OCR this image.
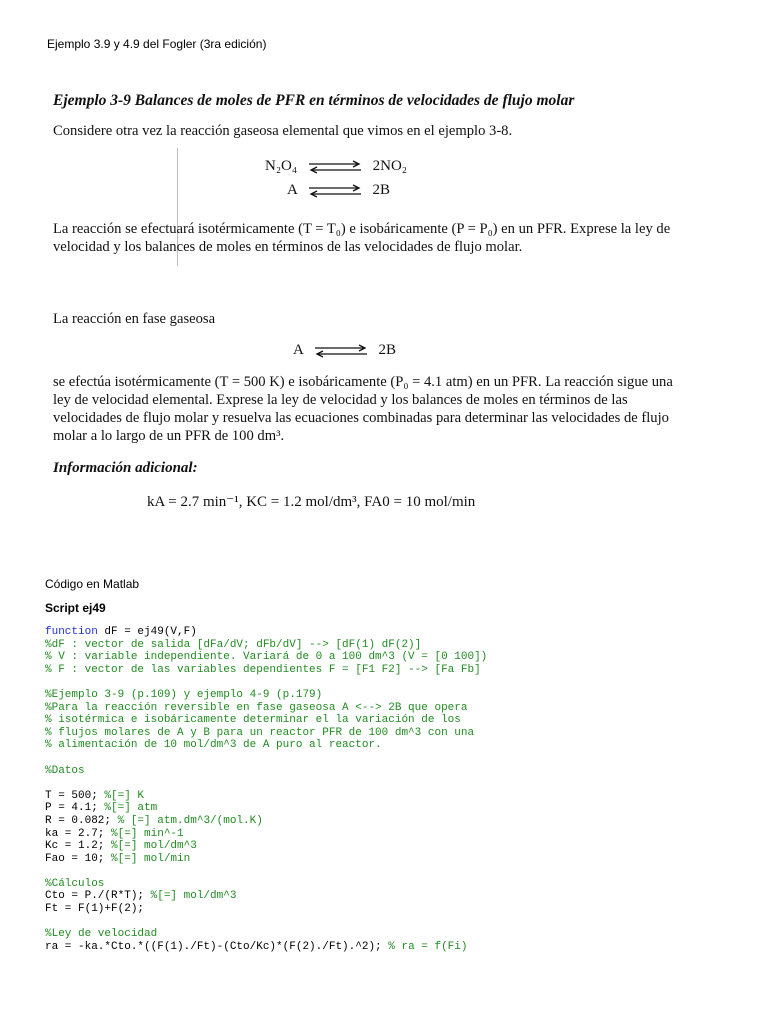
Ejemplo 3.9 y 4.9 del Fogler (3ra edición)
Ejemplo 3-9 Balances de moles de PFR en términos de velocidades de flujo molar

Considere otra vez la reacción gaseosa elemental que vimos en el ejemplo 3-8.

N₂O₄ ⇌ 2NO₂
A ⇌ 2B

La reacción se efectuará isotérmicamente (T = T₀) e isobáricamente (P = P₀) en un PFR. Exprese la ley de velocidad y los balances de moles en términos de las velocidades de flujo molar.

La reacción en fase gaseosa

A ⇌ 2B

se efectúa isotérmicamente (T = 500 K) e isobáricamente (P₀ = 4.1 atm) en un PFR. La reacción sigue una ley de velocidad elemental. Exprese la ley de velocidad y los balances de moles en términos de las velocidades de flujo molar y resuelva las ecuaciones combinadas para determinar las velocidades de flujo molar a lo largo de un PFR de 100 dm³.

Información adicional:
kA = 2.7 min⁻¹, KC = 1.2 mol/dm³, FA0 = 10 mol/min
Código en Matlab
Script ej49
function dF = ej49(V,F)
%dF : vector de salida [dFa/dV; dFb/dV] --> [dF(1) dF(2)]
% V : variable independiente. Variará de 0 a 100 dm^3 (V = [0 100])
% F : vector de las variables dependientes F = [F1 F2] --> [Fa Fb]

%Ejemplo 3-9 (p.109) y ejemplo 4-9 (p.179)
%Para la reacción reversible en fase gaseosa A <--> 2B que opera
% isotérmica e isobáricamente determinar el la variación de los
% flujos molares de A y B para un reactor PFR de 100 dm^3 con una
% alimentación de 10 mol/dm^3 de A puro al reactor.

%Datos

T = 500; %[=] K
P = 4.1; %[=] atm
R = 0.082; % [=] atm.dm^3/(mol.K)
ka = 2.7; %[=] min^-1
Kc = 1.2; %[=] mol/dm^3
Fao = 10; %[=] mol/min

%Cálculos
Cto = P./(R*T); %[=] mol/dm^3
Ft = F(1)+F(2);

%Ley de velocidad
ra = -ka.*Cto.*((F(1)./Ft)-(Cto/Kc)*(F(2)./Ft).^2); % ra = f(Fi)
